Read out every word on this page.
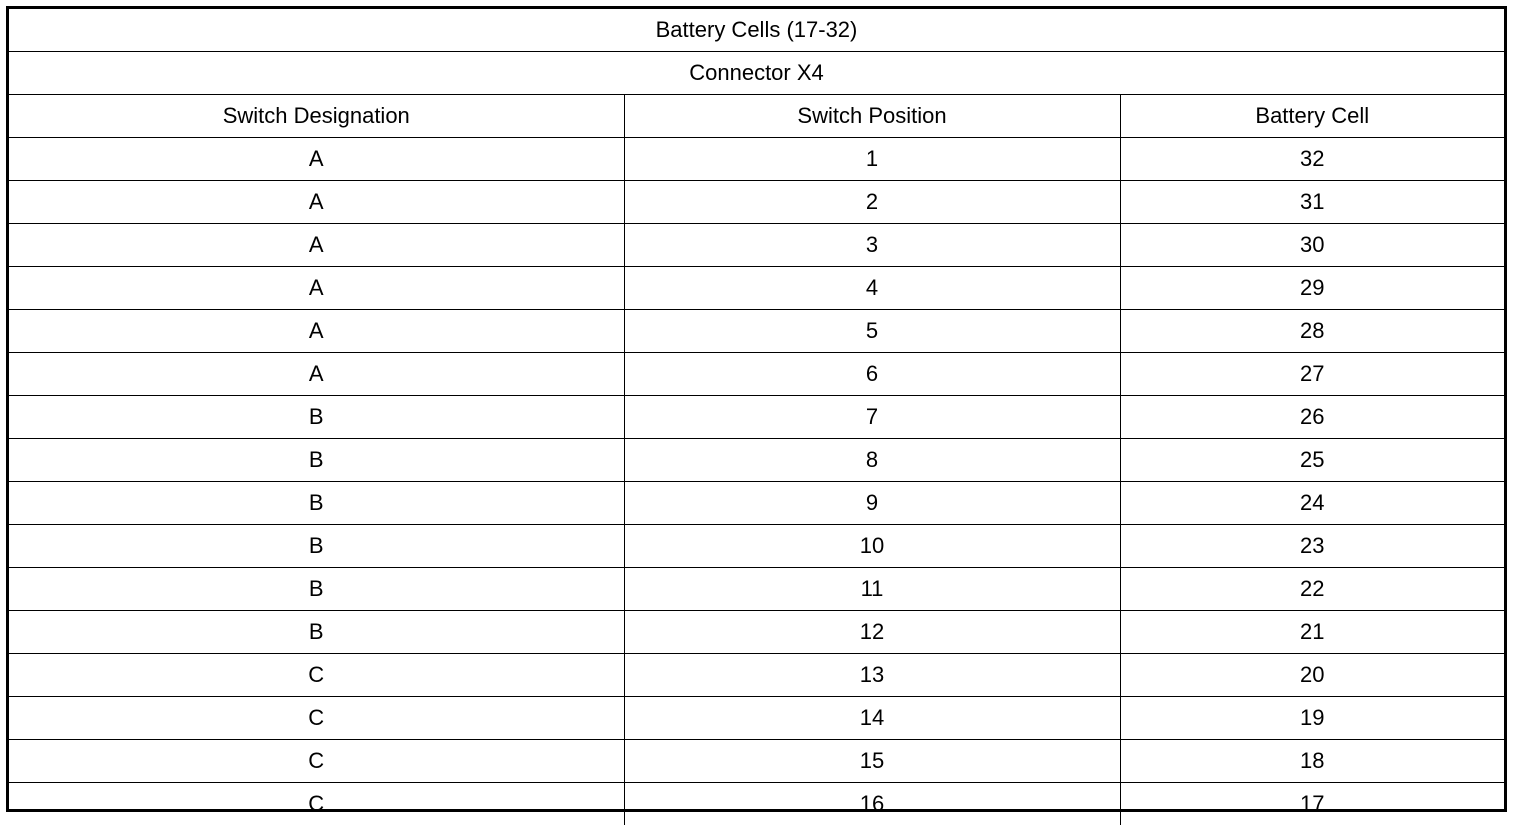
Battery Cells (17-32)		
Connector X4		
Switch Designation	Switch Position	Battery Cell
A	1	32
A	2	31
A	3	30
A	4	29
A	5	28
A	6	27
B	7	26
B	8	25
B	9	24
B	10	23
B	11	22
B	12	21
C	13	20
C	14	19
C	15	18
C	16	17
